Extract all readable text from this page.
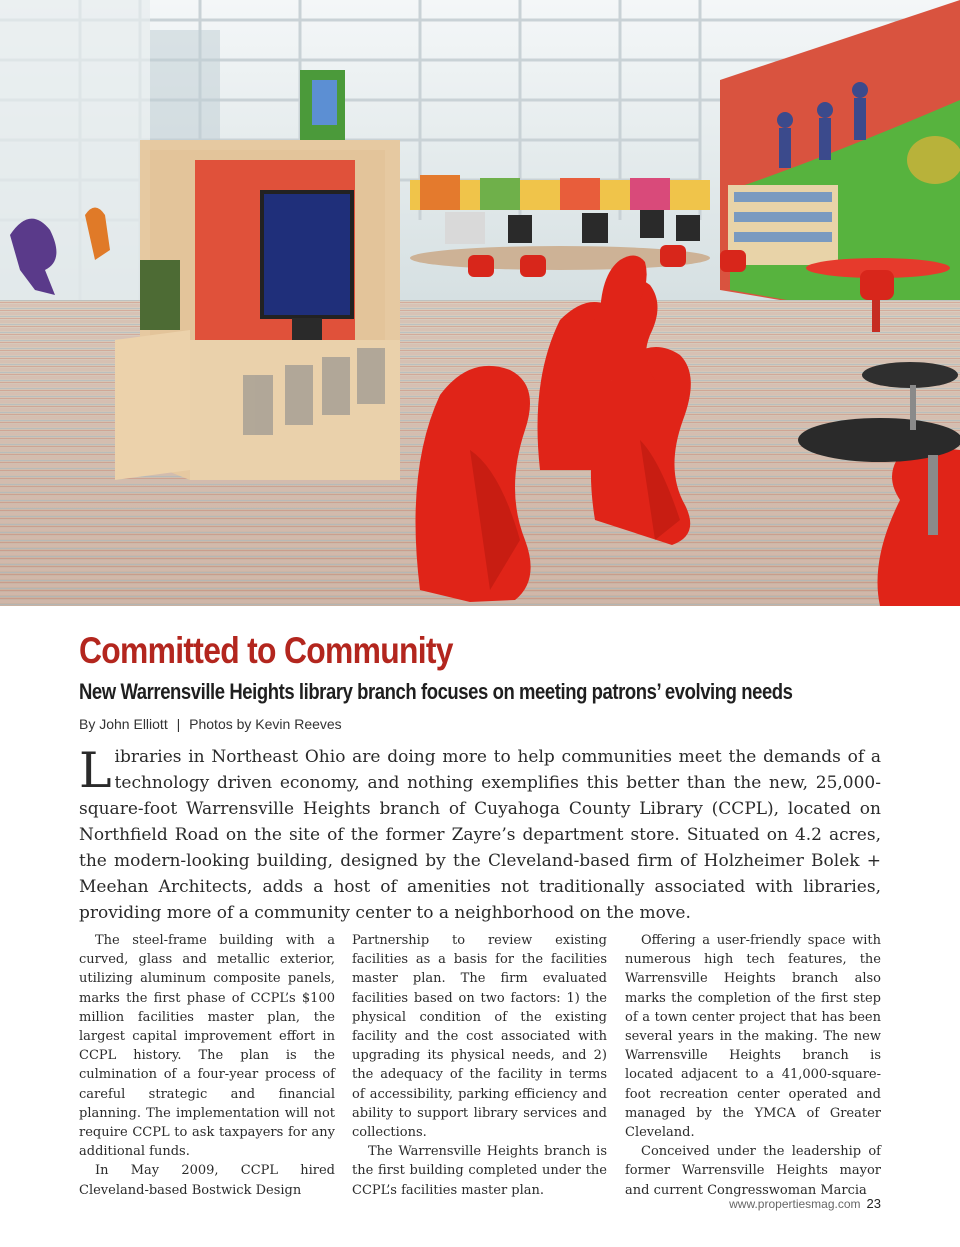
Committed to Community
New Warrensville Heights library branch focuses on meeting patrons’ evolving needs
By John Elliott | Photos by Kevin Reeves

Libraries in Northeast Ohio are doing more to help communities meet the demands of a technology driven economy, and nothing exemplifies this better than the new, 25,000-square-foot Warrensville Heights branch of Cuyahoga County Library (CCPL), located on Northfield Road on the site of the former Zayre’s department store. Situated on 4.2 acres, the modern-looking building, designed by the Cleveland-based firm of Holzheimer Bolek + Meehan Architects, adds a host of amenities not traditionally associated with libraries, providing more of a community center to a neighborhood on the move.

The steel-frame building with a curved, glass and metallic exterior, utilizing aluminum composite panels, marks the first phase of CCPL’s $100 million facilities master plan, the largest capital improvement effort in CCPL history. The plan is the culmination of a four-year process of careful strategic and financial planning. The implementation will not require CCPL to ask taxpayers for any additional funds.

In May 2009, CCPL hired Cleveland-based Bostwick Design

Partnership to review existing facilities as a basis for the facilities master plan. The firm evaluated facilities based on two factors: 1) the physical condition of the existing facility and the cost associated with upgrading its physical needs, and 2) the adequacy of the facility in terms of accessibility, parking efficiency and ability to support library services and collections.

The Warrensville Heights branch is the first building completed under the CCPL’s facilities master plan.

Offering a user-friendly space with numerous high tech features, the Warrensville Heights branch also marks the completion of the first step of a town center project that has been several years in the making. The new Warrensville Heights branch is located adjacent to a 41,000-square-foot recreation center operated and managed by the YMCA of Greater Cleveland.

Conceived under the leadership of former Warrensville Heights mayor and current Congresswoman Marcia

www.propertiesmag.com 23
